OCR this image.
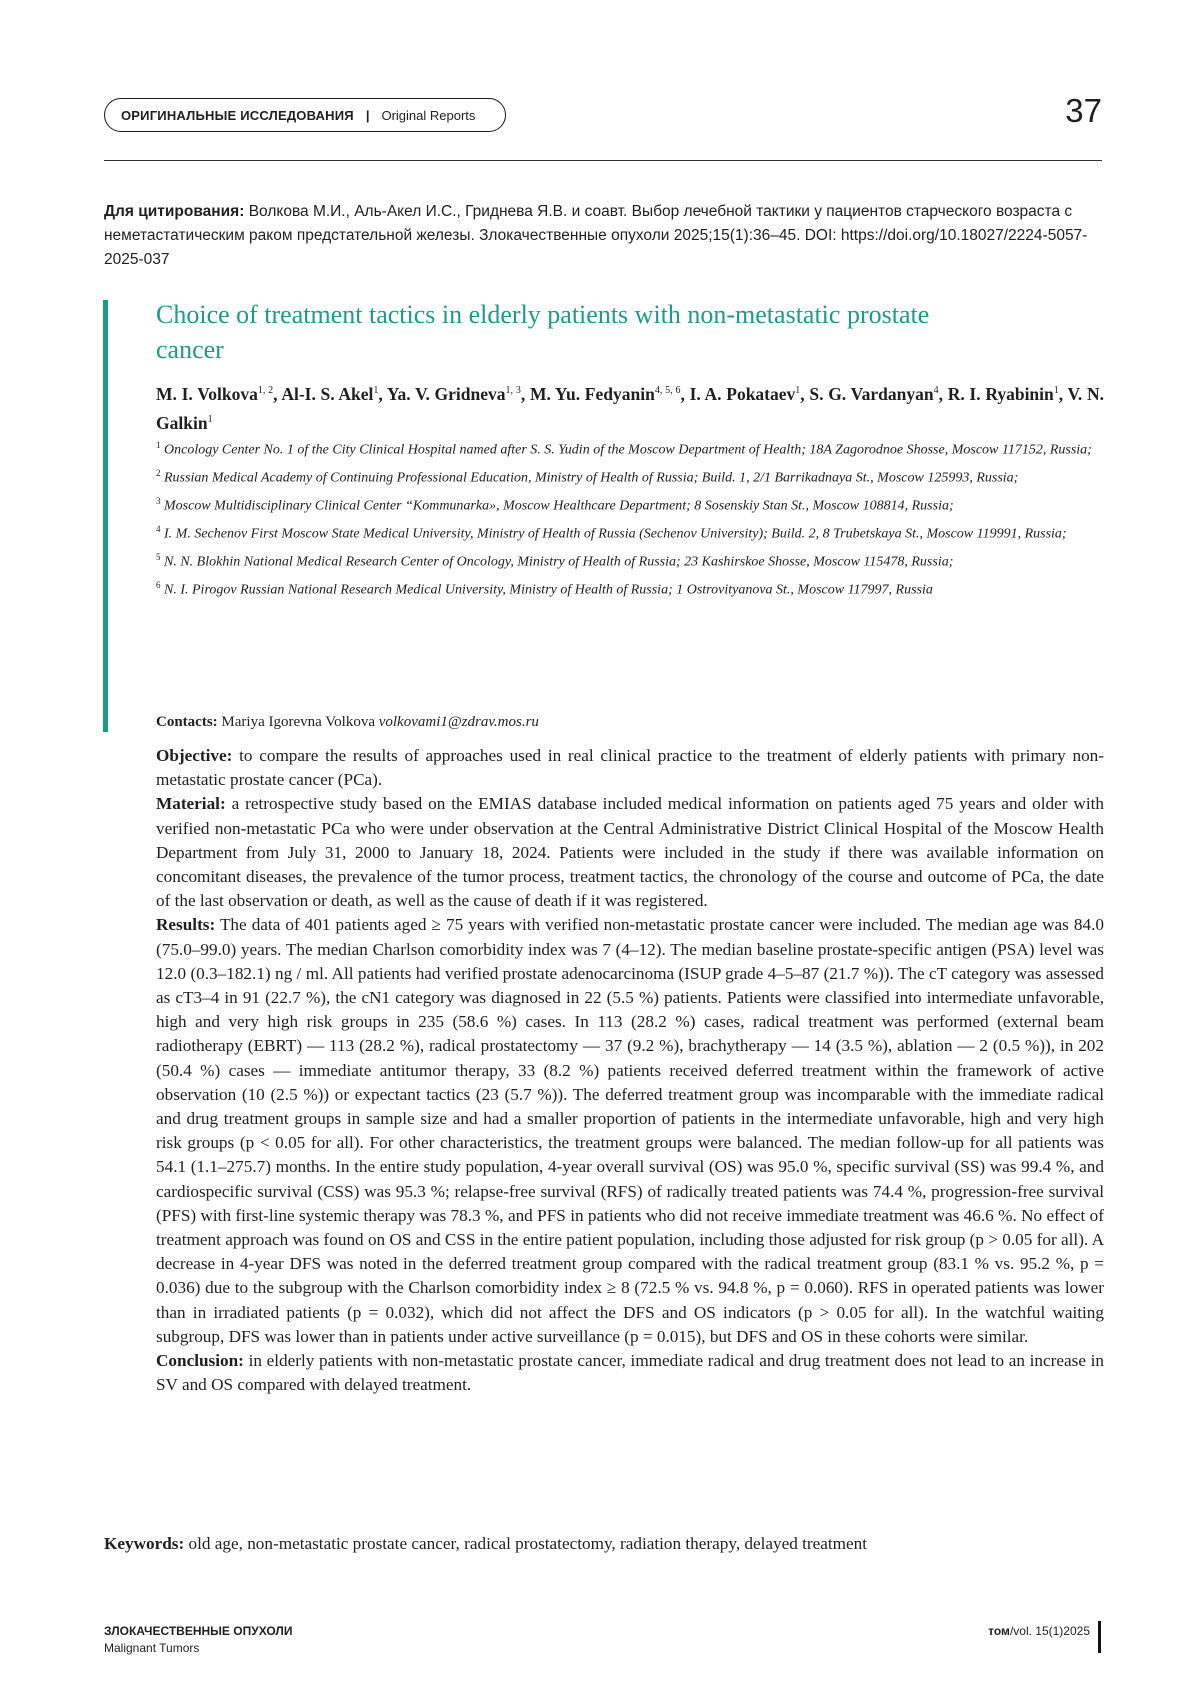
ОРИГИНАЛЬНЫЕ ИССЛЕДОВАНИЯ | Original Reports	37
Для цитирования: Волкова М.И., Аль-Акел И.С., Гриднева Я.В. и соавт. Выбор лечебной тактики у пациентов старческого возраста с неметастатическим раком предстательной железы. Злокачественные опухоли 2025;15(1):36–45. DOI: https://doi.org/10.18027/2224-5057-2025-037
Choice of treatment tactics in elderly patients with non-metastatic prostate cancer
M. I. Volkova$^{1, 2}$, Al-I. S. Akel$^1$, Ya. V. Gridneva$^{1, 3}$, M. Yu. Fedyanin$^{4, 5, 6}$, I. A. Pokataev$^1$, S. G. Vardanyan$^4$, R. I. Ryabinin$^1$, V. N. Galkin$^1$
$^1$ Oncology Center No. 1 of the City Clinical Hospital named after S. S. Yudin of the Moscow Department of Health; 18A Zagorodnoe Shosse, Moscow 117152, Russia;
$^2$ Russian Medical Academy of Continuing Professional Education, Ministry of Health of Russia; Build. 1, 2/1 Barrikadnaya St., Moscow 125993, Russia;
$^3$ Moscow Multidisciplinary Clinical Center “Kommunarka», Moscow Healthcare Department; 8 Sosenskiy Stan St., Moscow 108814, Russia;
$^4$ I. M. Sechenov First Moscow State Medical University, Ministry of Health of Russia (Sechenov University); Build. 2, 8 Trubetskaya St., Moscow 119991, Russia;
$^5$ N. N. Blokhin National Medical Research Center of Oncology, Ministry of Health of Russia; 23 Kashirskoe Shosse, Moscow 115478, Russia;
$^6$ N. I. Pirogov Russian National Research Medical University, Ministry of Health of Russia; 1 Ostrovityanova St., Moscow 117997, Russia
Contacts: Mariya Igorevna Volkova volkovami1@zdrav.mos.ru

Objective: to compare the results of approaches used in real clinical practice to the treatment of elderly patients with primary non-metastatic prostate cancer (PCa).

Material: a retrospective study based on the EMIAS database included medical information on patients aged 75 years and older with verified non-metastatic PCa who were under observation at the Central Administrative District Clinical Hospital of the Moscow Health Department from July 31, 2000 to January 18, 2024. Patients were included in the study if there was available information on concomitant diseases, the prevalence of the tumor process, treatment tactics, the chronology of the course and outcome of PCa, the date of the last observation or death, as well as the cause of death if it was registered.

Results: The data of 401 patients aged ≥ 75 years with verified non-metastatic prostate cancer were included. The median age was 84.0 (75.0–99.0) years. The median Charlson comorbidity index was 7 (4–12). The median baseline prostate-specific antigen (PSA) level was 12.0 (0.3–182.1) ng / ml. All patients had verified prostate adenocarcinoma (ISUP grade 4–5–87 (21.7 %)). The cT category was assessed as cT3–4 in 91 (22.7 %), the cN1 category was diagnosed in 22 (5.5 %) patients. Patients were classified into intermediate unfavorable, high and very high risk groups in 235 (58.6 %) cases. In 113 (28.2 %) cases, radical treatment was performed (external beam radiotherapy (EBRT) — 113 (28.2 %), radical prostatectomy — 37 (9.2 %), brachytherapy — 14 (3.5 %), ablation — 2 (0.5 %)), in 202 (50.4 %) cases — immediate antitumor therapy, 33 (8.2 %) patients received deferred treatment within the framework of active observation (10 (2.5 %)) or expectant tactics (23 (5.7 %)). The deferred treatment group was incomparable with the immediate radical and drug treatment groups in sample size and had a smaller proportion of patients in the intermediate unfavorable, high and very high risk groups (p < 0.05 for all). For other characteristics, the treatment groups were balanced. The median follow-up for all patients was 54.1 (1.1–275.7) months. In the entire study population, 4-year overall survival (OS) was 95.0 %, specific survival (SS) was 99.4 %, and cardiospecific survival (CSS) was 95.3 %; relapse-free survival (RFS) of radically treated patients was 74.4 %, progression-free survival (PFS) with first-line systemic therapy was 78.3 %, and PFS in patients who did not receive immediate treatment was 46.6 %. No effect of treatment approach was found on OS and CSS in the entire patient population, including those adjusted for risk group (p > 0.05 for all). A decrease in 4-year DFS was noted in the deferred treatment group compared with the radical treatment group (83.1 % vs. 95.2 %, p = 0.036) due to the subgroup with the Charlson comorbidity index ≥ 8 (72.5 % vs. 94.8 %, p = 0.060). RFS in operated patients was lower than in irradiated patients (p = 0.032), which did not affect the DFS and OS indicators (p > 0.05 for all). In the watchful waiting subgroup, DFS was lower than in patients under active surveillance (p = 0.015), but DFS and OS in these cohorts were similar.

Conclusion: in elderly patients with non-metastatic prostate cancer, immediate radical and drug treatment does not lead to an increase in SV and OS compared with delayed treatment.

Keywords: old age, non-metastatic prostate cancer, radical prostatectomy, radiation therapy, delayed treatment
ЗЛОКАЧЕСТВЕННЫЕ ОПУХОЛИ
Malignant Tumors
том/vol. 15(1)2025
